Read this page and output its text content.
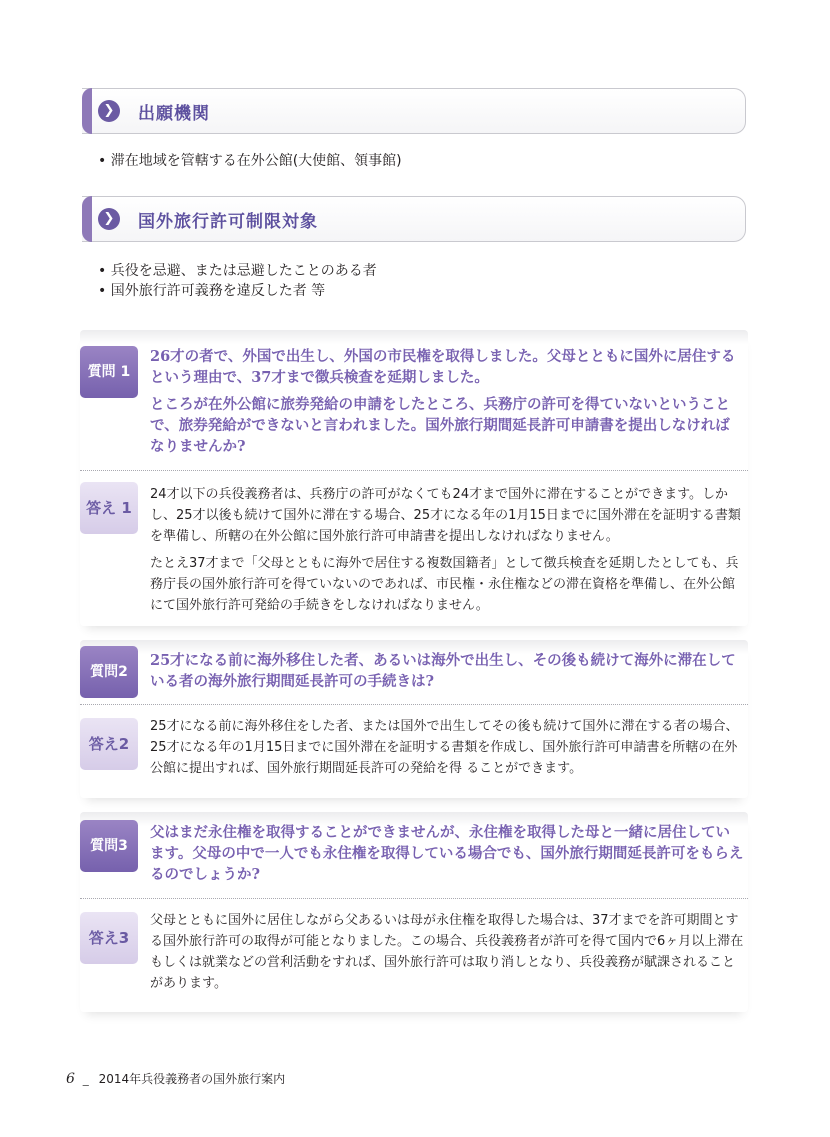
❯	出願機関
• 滞在地域を管轄する在外公館(大使館、領事館)
❯	国外旅行許可制限対象
• 兵役を忌避、または忌避したことのある者
• 国外旅行許可義務を違反した者 等
質問 1

26才の者で、外国で出生し、外国の市民権を取得しました。父母とともに国外に居住するという理由で、37才まで徴兵検査を延期しました。

ところが在外公館に旅券発給の申請をしたところ、兵務庁の許可を得ていないということで、旅券発給ができないと言われました。国外旅行期間延長許可申請書を提出しなければなりませんか?

答え 1

24才以下の兵役義務者は、兵務庁の許可がなくても24才まで国外に滞在することができます。しかし、25才以後も続けて国外に滞在する場合、25才になる年の1月15日までに国外滞在を証明する書類を準備し、所轄の在外公館に国外旅行許可申請書を提出しなければなりません。

たとえ37才まで「父母とともに海外で居住する複数国籍者」として徴兵検査を延期したとしても、兵務庁長の国外旅行許可を得ていないのであれば、市民権・永住権などの滞在資格を準備し、在外公館にて国外旅行許可発給の手続きをしなければなりません。

質問2

25才になる前に海外移住した者、あるいは海外で出生し、その後も続けて海外に滞在している者の海外旅行期間延長許可の手続きは?

答え2

25才になる前に海外移住をした者、または国外で出生してその後も続けて国外に滞在する者の場合、25才になる年の1月15日までに国外滞在を証明する書類を作成し、国外旅行許可申請書を所轄の在外公館に提出すれば、国外旅行期間延長許可の発給を得 ることができます。

質問3

父はまだ永住権を取得することができませんが、永住権を取得した母と一緒に居住しています。父母の中で一人でも永住権を取得している場合でも、国外旅行期間延長許可をもらえるのでしょうか?

答え3

父母とともに国外に居住しながら父あるいは母が永住権を取得した場合は、37才までを許可期間とする国外旅行許可の取得が可能となりました。この場合、兵役義務者が許可を得て国内で6ヶ月以上滞在もしくは就業などの営利活動をすれば、国外旅行許可は取り消しとなり、兵役義務が賦課されることがあります。

6 _ 2014年兵役義務者の国外旅行案内
